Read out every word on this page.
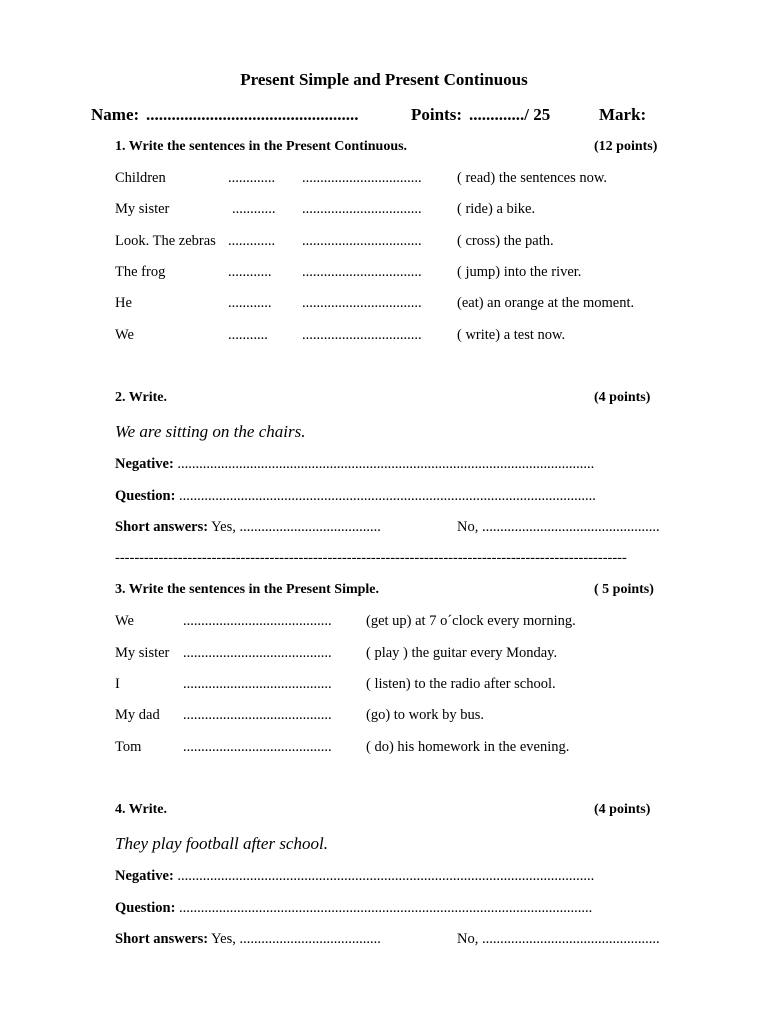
Present Simple and Present Continuous
Name: ..................................................	Points: ............./ 25	Mark:
1. Write the sentences in the Present Continuous.	(12 points)
Children	............. ................................. ( read) the sentences now.
My sister	............ ................................. ( ride) a bike.
Look. The zebras ............. ................................. ( cross) the path.
The frog	............ ................................. ( jump) into the river.
He	............ ................................. (eat) an orange at the moment.
We	........... ................................. ( write) a test now.
2. Write.	(4 points)
We are sitting on the chairs.
Negative: ...................................................................................................................
Question: ...................................................................................................................
Short answers: Yes, .......................................	No, .................................................
----------------------------------------------------------------------------------------------------------
3. Write the sentences in the Present Simple.	( 5 points)
We	......................................... (get up) at 7 o´clock every morning.
My sister ......................................... ( play ) the guitar every Monday.
I	......................................... ( listen) to the radio after school.
My dad ......................................... (go) to work by bus.
Tom	......................................... ( do) his homework in the evening.
4. Write.	(4 points)
They play football after school.
Negative: ...................................................................................................................
Question: ..................................................................................................................
Short answers: Yes, .......................................	No, .................................................
